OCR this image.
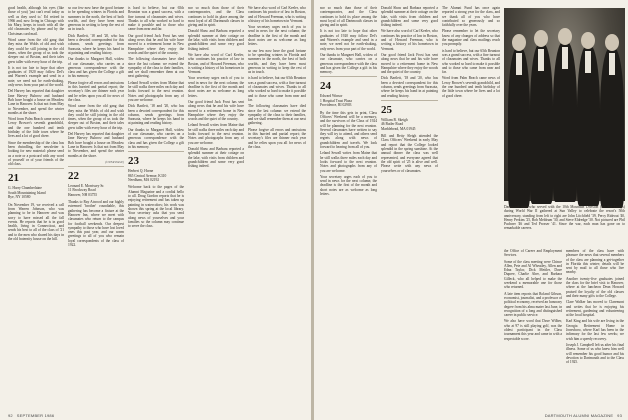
good health, although his eyes (like those of you) 'just can't read today as well as they used to.' Ed retired in 1966 and, now living in Chicago with his Mary, keeps in touch with all the old classmates by phone and by the Christmas card mail.

Word came from the old gang that they miss the Wolds of old and wish they could be still joining in the old times, when the group of us took the sleeper out of Boston, and their tales grew taller with every hour of the trip.

It is not too late to hope that other graduates of 1920 may follow Del's and Warren's example and send in a note; we need not be earth-shaking, only news from your part of the world.

Del Harvey has reported that daughter Jane Harvey Buhrow and husband Bob have bought a house on Meadow Lane in Hanover. Is that not from May to November, and spend the winter months at the shore.

Word from Palm Beach came news of Leroy Brower's seventh grandchild, and the one hundred and tenth birthday of the little town where he lives and a lot of good cheer.

Since the membership of the class has been dwindling, the newsletter is looking for new material: please send us a note or a postcard with any word of yourself or of your friends of the old class.

21
G. Harry Chamberlaine
South Mountaining Island
Rye, NY 10580

On November 19, we received a call from Warren Johnson, who was planning to be in Hanover and was sorry to have missed all the fall events. He reports that he is in good health, living in Connecticut, and sends his best to all of the class of '21 and to the men who shared his days in the old fraternity house on the hill.

so our few now have the good fortune to be spending winters in Florida and summers in the north, the best of both worlds, and they have been most generous in writing to keep the rest of us in touch.

Dick Bartlett, '18 and '20, who has been a devoted correspondent for this column, sends greetings from Sarasota, where he keeps his hand in at painting and reading history.

Our thanks to Margaret Hall, widow of our classmate, who carries on a generous correspondence with the class and has given the College a gift in his memory.

Please forgive all errors and omissions in this hurried and partial report; the secretary's files are thinner each year and he relies upon you all for news of the class.

Word came from the old gang that they miss the Wolds of old and wish they could be still joining in the old times, when the group of us took the sleeper out of Boston, and their tales grew taller with every hour of the trip.

Del Harvey has reported that daughter Jane Harvey Buhrow and husband Bob have bought a house on Meadow Lane in Hanover. Is that not from May to November, and spend the winter months at the shore.

(OVER PAGE)

22
Leonard E. Morrissey Sr.
11 Brockway Road
Hanover, NH 03755

Thanks to Ray Atwood and our highly esteemed 'brother' roundtable, this gathering has become a fixture at the Hanover Inn, where we meet with classmates who return to the campus for football weekends. Our deepest sympathy to those who have lost loved ones this past year, and our warm greetings to all of you who remain loyal correspondents of the class of 1922.

is hard to believe, but our 65th Reunion was a grand success, with a fine turnout of classmates and wives. Thanks to all who worked so hard to make it possible and to those who came from near and far.

Our good friend Jack Frost has sent along news that he and his wife have moved to a retirement home in New Hampshire where they enjoy the woods and the quiet of the country.

The following classmates have died since the last column: we extend the sympathy of the class to their families, and we shall remember them at our next gathering.

Leland Sewall writes from Maine that he still walks three miles each day and looks forward to the next reunion. Notes and photographs from any of you are welcome.

Dick Bartlett, '18 and '20, who has been a devoted correspondent for this column, sends greetings from Sarasota, where he keeps his hand in at painting and reading history.

Our thanks to Margaret Hall, widow of our classmate, who carries on a generous correspondence with the class and has given the College a gift in his memory.

23
Herbert Q. Horne
865 Central Avenue, K310
Needham, MA 02192

Welcome back to the pages of the Alumni Magazine and a cordial hello to all. Doug Gordon reports that he is enjoying retirement and has taken up painting in watercolors; his work was shown this spring at the local library. Your secretary asks that you send along news of yourselves and your families so the column may continue to serve the class.

nor so much than those of their contemporaries, and the Class continues to hold its place among the most loyal of all Dartmouth classes in giving and in spirit.

Donald Shaw and Barbara reported a splendid summer at their cottage on the lake, with visits from children and grandchildren and some very good fishing indeed.

We have also word of Carl Keeler, who continues his practice of law in Boston, and of Howard Freeman, who is writing a history of his hometown in Vermont.

Your secretary urges each of you to send in news for the next column; the deadline is the first of the month and short notes are as welcome as long letters.

Our good friend Jack Frost has sent along news that he and his wife have moved to a retirement home in New Hampshire where they enjoy the woods and the quiet of the country.

Leland Sewall writes from Maine that he still walks three miles each day and looks forward to the next reunion. Notes and photographs from any of you are welcome.

Donald Shaw and Barbara reported a splendid summer at their cottage on the lake, with visits from children and grandchildren and some very good fishing indeed.

We have also word of Carl Keeler, who continues his practice of law in Boston, and of Howard Freeman, who is writing a history of his hometown in Vermont.

Your secretary urges each of you to send in news for the next column; the deadline is the first of the month and short notes are as welcome as long letters.

so our few now have the good fortune to be spending winters in Florida and summers in the north, the best of both worlds, and they have been most generous in writing to keep the rest of us in touch.

is hard to believe, but our 65th Reunion was a grand success, with a fine turnout of classmates and wives. Thanks to all who worked so hard to make it possible and to those who came from near and far.

The following classmates have died since the last column: we extend the sympathy of the class to their families, and we shall remember them at our next gathering.

Please forgive all errors and omissions in this hurried and partial report; the secretary's files are thinner each year and he relies upon you all for news of the class.

92 SEPTEMBER 1986

nor so much than those of their contemporaries, and the Class continues to hold its place among the most loyal of all Dartmouth classes in giving and in spirit.

It is not too late to hope that other graduates of 1920 may follow Del's and Warren's example and send in a note; we need not be earth-shaking, only news from your part of the world.

Our thanks to Margaret Hall, widow of our classmate, who carries on a generous correspondence with the class and has given the College a gift in his memory.

24
Edward Winsor
1 Hospital Trust Plaza
Providence, RI 02903

By the time this gets in print, Class Officers' Weekend will be a memory, and the survivors of the Class of 1924 will be planning for the next reunion. Several classmates have written to say they will try to attend, and others send regrets along with news of grandchildren and travels. We look forward to hearing from all of you.

Leland Sewall writes from Maine that he still walks three miles each day and looks forward to the next reunion. Notes and photographs from any of you are welcome.

Your secretary urges each of you to send in news for the next column; the deadline is the first of the month and short notes are as welcome as long letters.

Donald Shaw and Barbara reported a splendid summer at their cottage on the lake, with visits from children and grandchildren and some very good fishing indeed.

We have also word of Carl Keeler, who continues his practice of law in Boston, and of Howard Freeman, who is writing a history of his hometown in Vermont.

Our good friend Jack Frost has sent along news that he and his wife have moved to a retirement home in New Hampshire where they enjoy the woods and the quiet of the country.

Dick Bartlett, '18 and '20, who has been a devoted correspondent for this column, sends greetings from Sarasota, where he keeps his hand in at painting and reading history.

25
William B. Skeigh
46 Butler Road
Marblehead, MA 01945

Bill and Betty Sleigh attended the Class Officers' Weekend in early May and report that the College looked splendid in the spring sunshine. At the annual dinner the class was well represented, and everyone agreed that the old spirit of '25 is alive and well. Please write with any news of yourselves or of classmates.

The Alumni Fund has once again reported a strong year for the class, and we thank all of you who have contributed so generously and so faithfully over the years.

Please remember to let the secretary know of any changes of address so that the magazine and class mailings reach you promptly.

is hard to believe, but our 65th Reunion was a grand success, with a fine turnout of classmates and wives. Thanks to all who worked so hard to make it possible and to those who came from near and far.

Word from Palm Beach came news of Leroy Brower's seventh grandchild, and the one hundred and tenth birthday of the little town where he lives and a lot of good cheer.

Dartmouth men who served with the 10th Mountain Division (the Ski Troops) during World War II gathered at Sun Valley to celebrate the resort's 50th anniversary, standing from left to right are John Litchfield '39, Percy Rideout '40, Henry Perkins '25, Bob Meldrum '30, and Steve Eldredge '30. Not pictured are Phil Puchner '46 and Ted Prosser '41. Since the war, each man has gone on to remarkable careers.

the Office of Career and Employment Services.

Some of the class meeting were Chince Allen, Pete and Al Wheatley, Allen and Edna Taylor, Dick Mettler, Dave Dupree, Charlie Aher, and Barbara Gilleck, who all helped to make the weekend a memorable one for those who returned.

A late item reports that Roland Gibson, economist, journalist, and a professor of political economy, received an honorary degree from his alma mater last June, in recognition of a long and distinguished career in public service.

We also have word that Dave Wilber, who at 97 is still playing golf, was the oldest participant in the Class tournament this year and came in with a respectable score.

members of the class have with pleasure the news that several members of the class are planning a get-together in Florida this winter; details will be sent by mail to all those who live nearby.

Another twenty-five graduates joined the class for the brief visit to Hanover, where at the luncheon Dean Howard praised the loyalty of the old classes and their many gifts to the College.

Clare Walker has moved to Claremont and writes that he is enjoying his retirement, gardening and volunteering at the local hospital.

Karl King and his wife are living in the Georgia Retirement Home in Jonesboro, where Karl has been in the infirmary for the last few weeks; we wish him a speedy recovery.

Joseph J. Campbell left us after his final illness. Some of us who knew him well will remember his good humor and his devotion to Dartmouth and to the Class of 1925.

DARTMOUTH ALUMNI MAGAZINE 93
